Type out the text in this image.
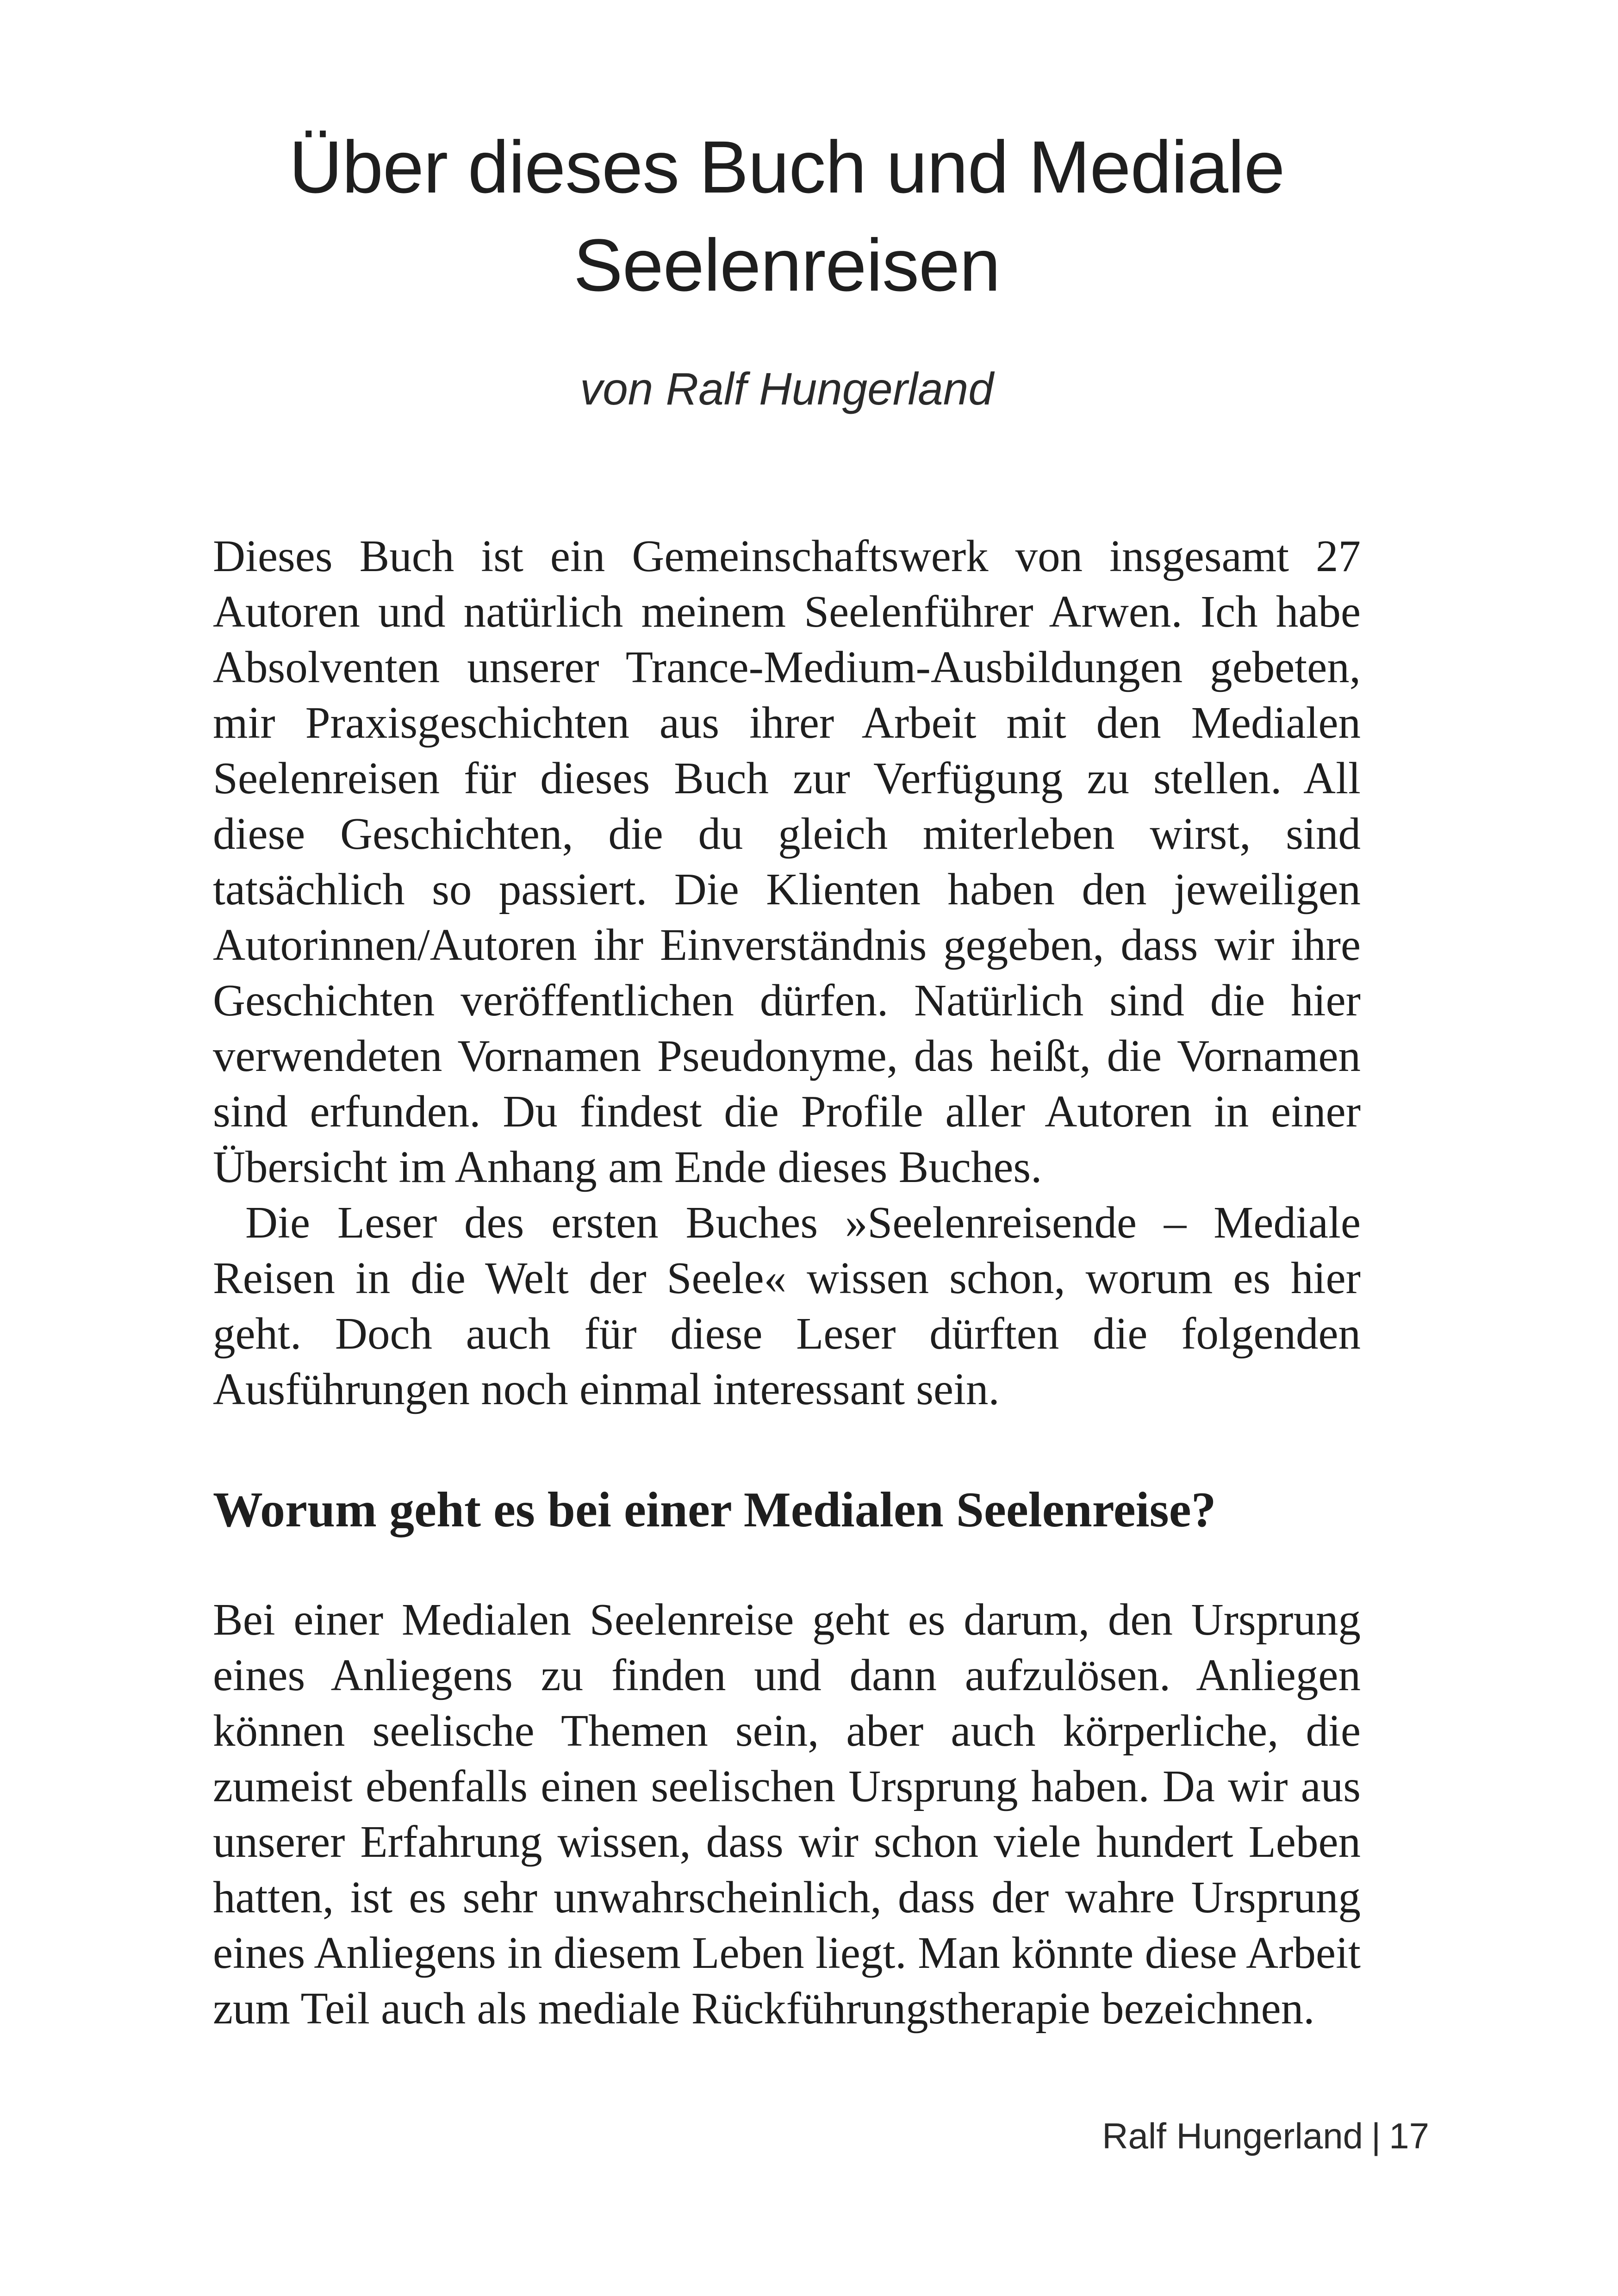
Über dieses Buch und Mediale
Seelenreisen

von Ralf Hungerland

Dieses Buch ist ein Gemeinschaftswerk von insgesamt 27 Autoren und natürlich meinem Seelenführer Arwen. Ich habe Absolventen unserer Trance-Medium-Ausbildungen gebeten, mir Praxisgeschichten aus ihrer Arbeit mit den Medialen Seelenreisen für dieses Buch zur Verfügung zu stellen. All diese Geschichten, die du gleich miterleben wirst, sind tatsächlich so passiert. Die Klienten haben den jeweiligen Autorinnen/Autoren ihr Einverständnis gegeben, dass wir ihre Geschichten veröffentlichen dürfen. Natürlich sind die hier verwendeten Vornamen Pseudonyme, das heißt, die Vornamen sind erfunden. Du findest die Profile aller Autoren in einer Übersicht im Anhang am Ende dieses Buches.

Die Leser des ersten Buches »Seelenreisende – Mediale Reisen in die Welt der Seele« wissen schon, worum es hier geht. Doch auch für diese Leser dürften die folgenden Ausführungen noch einmal interessant sein.

Worum geht es bei einer Medialen Seelenreise?

Bei einer Medialen Seelenreise geht es darum, den Ursprung eines Anliegens zu finden und dann aufzulösen. Anliegen können seelische Themen sein, aber auch körperliche, die zumeist ebenfalls einen seelischen Ursprung haben. Da wir aus unserer Erfahrung wissen, dass wir schon viele hundert Leben hatten, ist es sehr unwahrscheinlich, dass der wahre Ursprung eines Anliegens in diesem Leben liegt. Man könnte diese Arbeit zum Teil auch als mediale Rückführungstherapie bezeichnen.

Ralf Hungerland | 17
